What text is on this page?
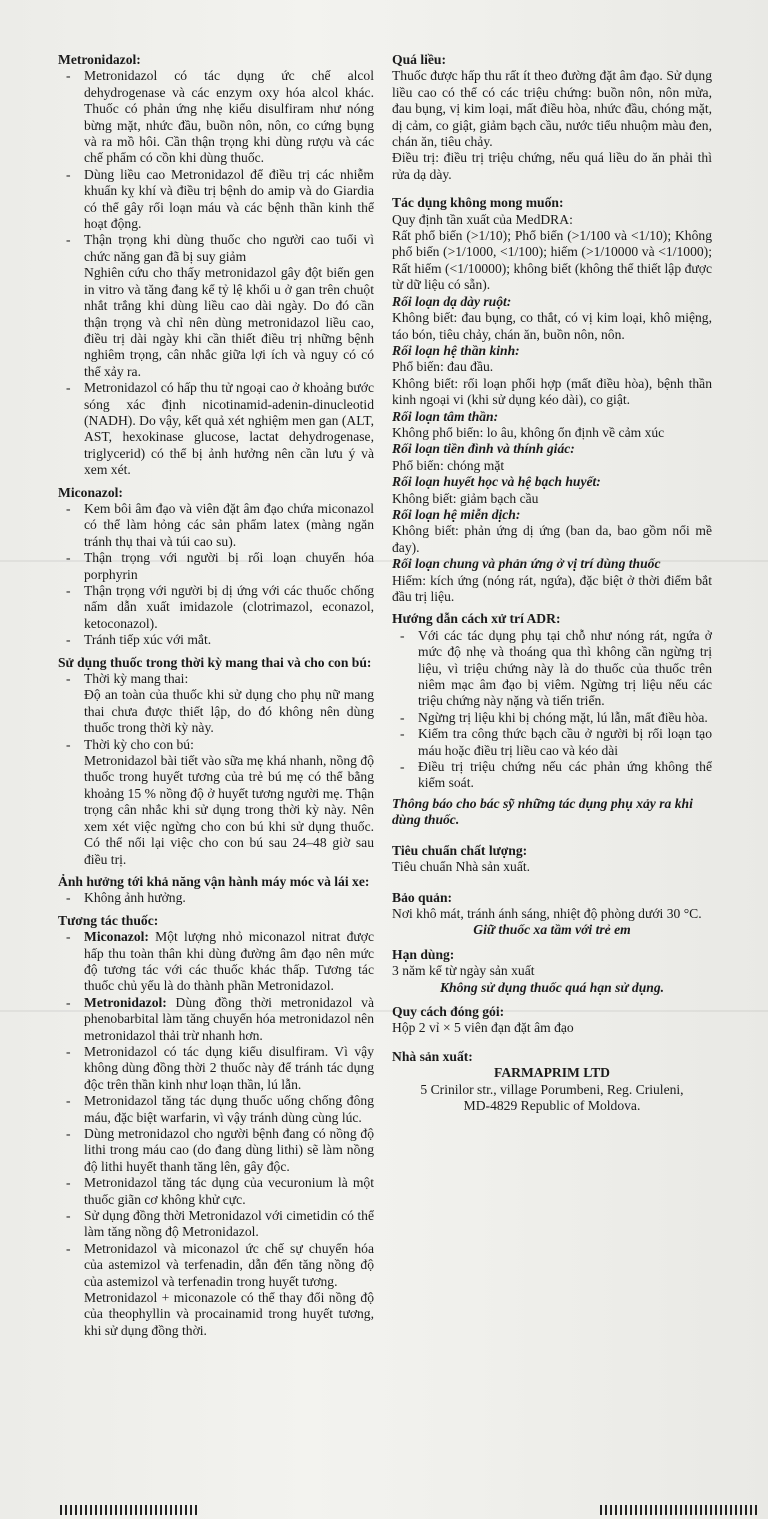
Metronidazol:
- Metronidazol có tác dụng ức chế alcol dehydrogenase và các enzym oxy hóa alcol khác. Thuốc có phản ứng nhẹ kiểu disulfiram như nóng bừng mặt, nhức đầu, buồn nôn, nôn, co cứng bụng và ra mồ hôi. Cần thận trọng khi dùng rượu và các chế phẩm có cồn khi dùng thuốc.
- Dùng liều cao Metronidazol để điều trị các nhiễm khuẩn kỵ khí và điều trị bệnh do amip và do Giardia có thể gây rối loạn máu và các bệnh thần kinh thể hoạt động.
- Thận trọng khi dùng thuốc cho người cao tuổi vì chức năng gan đã bị suy giảm
Nghiên cứu cho thấy metronidazol gây đột biến gen in vitro và tăng đang kể tỷ lệ khối u ở gan trên chuột nhắt trắng khi dùng liều cao dài ngày. Do đó cần thận trọng và chỉ nên dùng metronidazol liều cao, điều trị dài ngày khi cần thiết điều trị những bệnh nghiêm trọng, cân nhắc giữa lợi ích và nguy có có thể xảy ra.
- Metronidazol có hấp thu tử ngoại cao ở khoảng bước sóng xác định nicotinamid-adenin-dinucleotid (NADH). Do vậy, kết quả xét nghiệm men gan (ALT, AST, hexokinase glucose, lactat dehydrogenase, triglycerid) có thể bị ảnh hưởng nên cần lưu ý và xem xét.
Miconazol:
- Kem bôi âm đạo và viên đặt âm đạo chứa miconazol có thể làm hỏng các sản phẩm latex (màng ngăn tránh thụ thai và túi cao su).
- Thận trọng với người bị rối loạn chuyển hóa porphyrin
- Thận trọng với người bị dị ứng với các thuốc chống nấm dẫn xuất imidazole (clotrimazol, econazol, ketoconazol).
- Tránh tiếp xúc với mắt.
Sử dụng thuốc trong thời kỳ mang thai và cho con bú:
- Thời kỳ mang thai:
Độ an toàn của thuốc khi sử dụng cho phụ nữ mang thai chưa được thiết lập, do đó không nên dùng thuốc trong thời kỳ này.
- Thời kỳ cho con bú:
Metronidazol bài tiết vào sữa mẹ khá nhanh, nồng độ thuốc trong huyết tương của trẻ bú mẹ có thể bằng khoảng 15 % nồng độ ở huyết tương người mẹ. Thận trọng cân nhắc khi sử dụng trong thời kỳ này. Nên xem xét việc ngừng cho con bú khi sử dụng thuốc. Có thể nối lại việc cho con bú sau 24–48 giờ sau điều trị.
Ảnh hưởng tới khả năng vận hành máy móc và lái xe:
- Không ảnh hưởng.
Tương tác thuốc:
- Miconazol: Một lượng nhỏ miconazol nitrat được hấp thu toàn thân khi dùng đường âm đạo nên mức độ tương tác với các thuốc khác thấp. Tương tác thuốc chủ yếu là do thành phần Metronidazol.
- Metronidazol: Dùng đồng thời metronidazol và phenobarbital làm tăng chuyển hóa metronidazol nên metronidazol thải trừ nhanh hơn.
- Metronidazol có tác dụng kiểu disulfiram. Vì vậy không dùng đồng thời 2 thuốc này để tránh tác dụng độc trên thần kinh như loạn thần, lú lẫn.
- Metronidazol tăng tác dụng thuốc uống chống đông máu, đặc biệt warfarin, vì vậy tránh dùng cùng lúc.
- Dùng metronidazol cho người bệnh đang có nồng độ lithi trong máu cao (do đang dùng lithi) sẽ làm nồng độ lithi huyết thanh tăng lên, gây độc.
- Metronidazol tăng tác dụng của vecuronium là một thuốc giãn cơ không khử cực.
- Sử dụng đồng thời Metronidazol với cimetidin có thể làm tăng nồng độ Metronidazol.
- Metronidazol và miconazol ức chế sự chuyển hóa của astemizol và terfenadin, dẫn đến tăng nồng độ của astemizol và terfenadin trong huyết tương.
Metronidazol + miconazole có thể thay đổi nồng độ của theophyllin và procainamid trong huyết tương, khi sử dụng đồng thời.
Quá liều:

Thuốc được hấp thu rất ít theo đường đặt âm đạo. Sử dụng liều cao có thể có các triệu chứng: buồn nôn, nôn mửa, đau bụng, vị kim loại, mất điều hòa, nhức đầu, chóng mặt, dị cảm, co giật, giảm bạch cầu, nước tiểu nhuộm màu đen, chán ăn, tiêu chảy.

Điều trị: điều trị triệu chứng, nếu quá liều do ăn phải thì rửa dạ dày.

Tác dụng không mong muốn:

Quy định tần xuất của MedDRA:

Rất phổ biến (>1/10); Phổ biến (>1/100 và <1/10); Không phổ biến (>1/1000, <1/100); hiếm (>1/10000 và <1/1000); Rất hiếm (<1/10000); không biết (không thể thiết lập được từ dữ liệu có sẵn).

Rối loạn dạ dày ruột:

Không biết: đau bụng, co thắt, có vị kim loại, khô miệng, táo bón, tiêu chảy, chán ăn, buồn nôn, nôn.

Rối loạn hệ thần kinh:

Phổ biến: đau đầu.
Không biết: rối loạn phối hợp (mất điều hòa), bệnh thần kinh ngoại vi (khi sử dụng kéo dài), co giật.

Rối loạn tâm thần:

Không phổ biến: lo âu, không ổn định về cảm xúc

Rối loạn tiền đình và thính giác:

Phổ biến: chóng mặt

Rối loạn huyết học và hệ bạch huyết:

Không biết: giảm bạch cầu

Rối loạn hệ miễn dịch:

Không biết: phản ứng dị ứng (ban da, bao gồm nổi mề đay).

Rối loạn chung và phản ứng ở vị trí dùng thuốc

Hiếm: kích ứng (nóng rát, ngứa), đặc biệt ở thời điểm bắt đầu trị liệu.

Hướng dẫn cách xử trí ADR:
- Với các tác dụng phụ tại chỗ như nóng rát, ngứa ở mức độ nhẹ và thoáng qua thì không cần ngừng trị liệu, vì triệu chứng này là do thuốc của thuốc trên niêm mạc âm đạo bị viêm. Ngừng trị liệu nếu các triệu chứng này nặng và tiến triển.
- Ngừng trị liệu khi bị chóng mặt, lú lẫn, mất điều hòa.
- Kiểm tra công thức bạch cầu ở người bị rối loạn tạo máu hoặc điều trị liều cao và kéo dài
- Điều trị triệu chứng nếu các phản ứng không thể kiểm soát.
Thông báo cho bác sỹ những tác dụng phụ xảy ra khi dùng thuốc.
Tiêu chuẩn chất lượng:

Tiêu chuẩn Nhà sản xuất.

Bảo quản:

Nơi khô mát, tránh ánh sáng, nhiệt độ phòng dưới 30 °C.

Giữ thuốc xa tầm với trẻ em
Hạn dùng:

3 năm kể từ ngày sản xuất

Không sử dụng thuốc quá hạn sử dụng.
Quy cách đóng gói:

Hộp 2 vỉ × 5 viên đạn đặt âm đạo

Nhà sản xuất:
FARMAPRIM LTD
5 Crinilor str., village Porumbeni, Reg. Criuleni,
MD-4829 Republic of Moldova.
